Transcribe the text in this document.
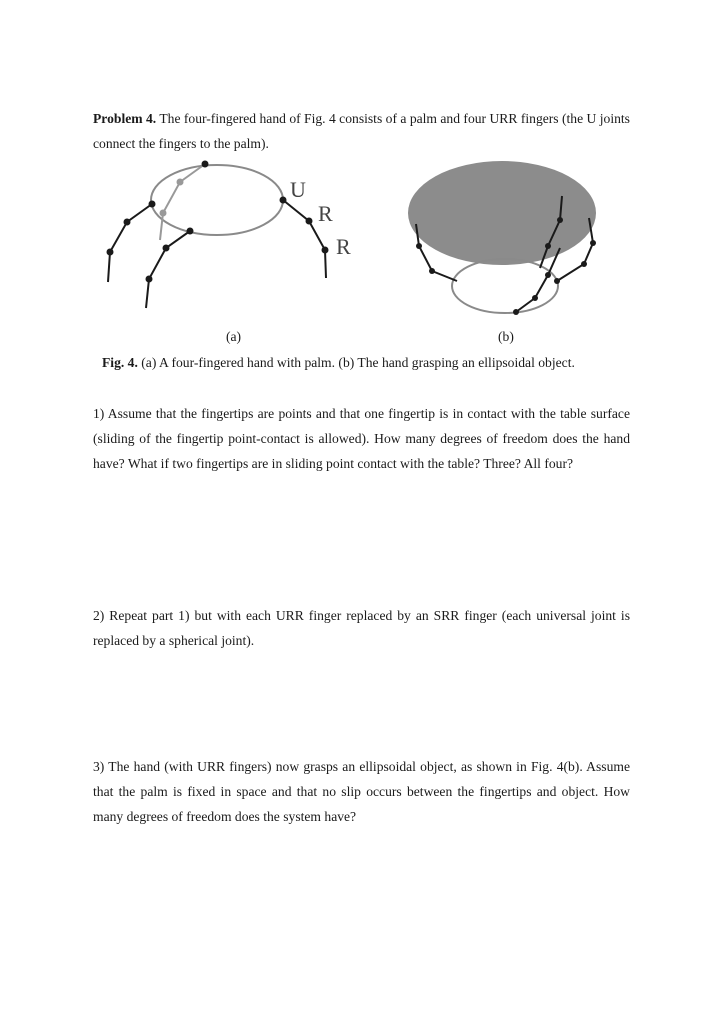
Problem 4. The four-fingered hand of Fig. 4 consists of a palm and four URR fingers (the U joints connect the fingers to the palm).

U
R
R
(a)	(b)
Fig. 4. (a) A four-fingered hand with palm. (b) The hand grasping an ellipsoidal object.

1) Assume that the fingertips are points and that one fingertip is in contact with the table surface (sliding of the fingertip point-contact is allowed). How many degrees of freedom does the hand have? What if two fingertips are in sliding point contact with the table? Three? All four?

2) Repeat part 1) but with each URR finger replaced by an SRR finger (each universal joint is replaced by a spherical joint).

3) The hand (with URR fingers) now grasps an ellipsoidal object, as shown in Fig. 4(b). Assume that the palm is fixed in space and that no slip occurs between the fingertips and object. How many degrees of freedom does the system have?
